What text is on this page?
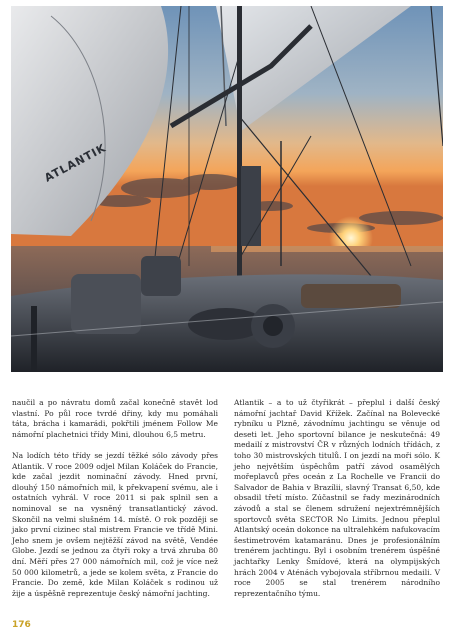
ATLANTIK

naučil a po návratu domů začal konečně stavět lod vlastní. Po půl roce tvrdé dřiny, kdy mu pomáhali táta, brácha i kamarádi, pokřtili jménem Follow Me námořní plachetnici třídy Mini, dlouhou 6,5 metru.

Na lodích této třídy se jezdí těžké sólo závody přes Atlantik. V roce 2009 odjel Milan Koláček do Francie, kde začal jezdit nominační závody. Hned první, dlouhý 150 námořních mil, k překvapení svému, ale i ostatních vyhrál. V roce 2011 si pak splnil sen a nominoval se na vysněný transatlantický závod. Skončil na velmi slušném 14. místě. O rok později se jako první cizinec stal mistrem Francie ve třídě Mini. Jeho snem je ovšem nejtěžší závod na světě, Vendée Globe. Jezdí se jednou za čtyři roky a trvá zhruba 80 dní. Měří přes 27 000 námořních mil, což je více než 50 000 kilometrů, a jede se kolem světa, z Francie do Francie. Do země, kde Milan Koláček s rodinou už žije a úspěšně reprezentuje český námořní jachting.

Atlantik – a to už čtyřikrát – přeplul i další český námořní jachtař David Křížek. Začínal na Bolevecké rybníku u Plzně, závodnímu jachtingu se věnuje od deseti let. Jeho sportovní bilance je neskutečná: 49 medailí z mistrovství ČR v různých lodních třídách, z toho 30 mistrovských titulů. I on jezdí na moři sólo. K jeho největším úspěchům patří závod osamělých mořeplavců přes oceán z La Rochelle ve Francii do Salvador de Bahia v Brazílii, slavný Transat 6,50, kde obsadil třetí místo. Zúčastnil se řady mezinárodních závodů a stal se členem sdružení nejextrémnějších sportovců světa SECTOR No Limits. Jednou přeplul Atlantský oceán dokonce na ultralehkém nafukovacím šestimetrovém katamaránu. Dnes je profesionálním trenérem jachtingu. Byl i osobním trenérem úspěšné jachtařky Lenky Šmídové, která na olympijských hrách 2004 v Aténách vybojovala stříbrnou medaili. V roce 2005 se stal trenérem národního reprezentačního týmu.

176
